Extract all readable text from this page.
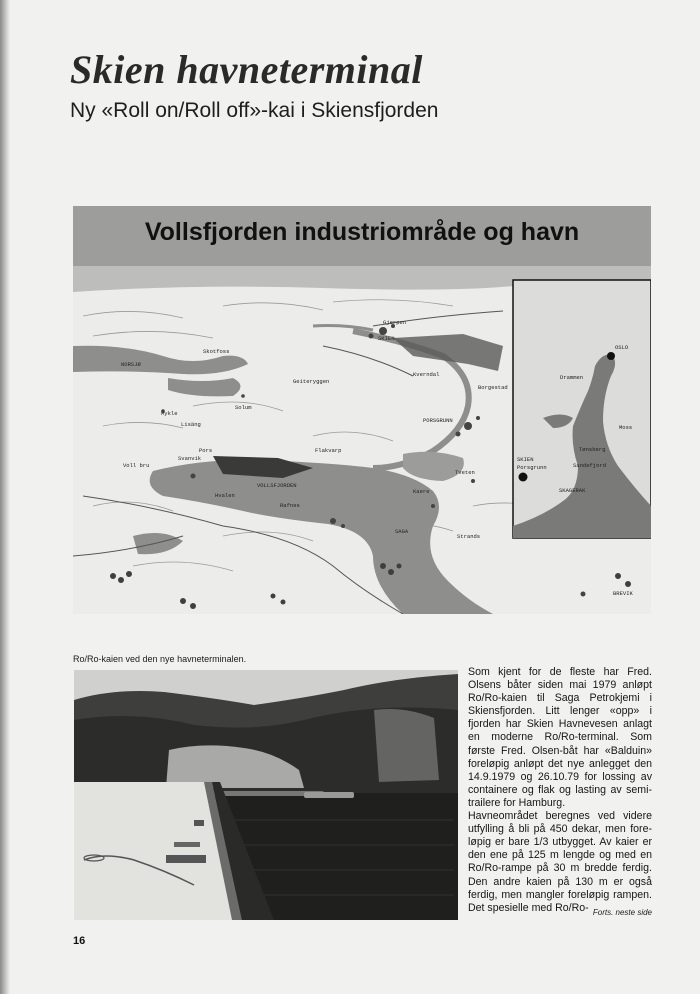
Skien havneterminal
Ny «Roll on/Roll off»-kai i Skiensfjorden
Vollsfjorden industriområde og havn
Gjerpen
SKIEN
Skotfoss
NORSJØ
Geiteryggen
Kverndal
Borgestad
Solum
Mykle
Lisäng
Pors
PORSGRUNN
Svanvik
Voll bru
Flakvarp
VOLLSFJORDEN
Hvalen
Tveten
Rafnes
Strands
SAGA
BREVIK
Kaere
OSLO
Drammen
Moss
Tønsberg
Sandefjord
SKIEN
Porsgrunn
SKAGERAK
Ro/Ro-kaien ved den nye havneterminalen.

Som kjent for de fleste har Fred. Olsens båter siden mai 1979 anløpt Ro/Ro-kaien til Saga Petrokjemi i Skiensfjorden. Litt lenger «opp» i fjorden har Skien Havnevesen anlagt en moderne Ro/Ro-terminal. Som første Fred. Olsen-båt har «Balduin» foreløpig anløpt det nye anlegget den 14.9.1979 og 26.10.79 for lossing av containere og flak og lasting av semi-trailere for Hamburg.

Havneområdet beregnes ved videre utfylling å bli på 450 dekar, men fore-løpig er bare 1/3 utbygget. Av kaier er den ene på 125 m lengde og med en Ro/Ro-rampe på 30 m bredde ferdig. Den andre kaien på 130 m er også ferdig, men mangler foreløpig rampen. Det spesielle med Ro/Ro- Forts. neste side
16
